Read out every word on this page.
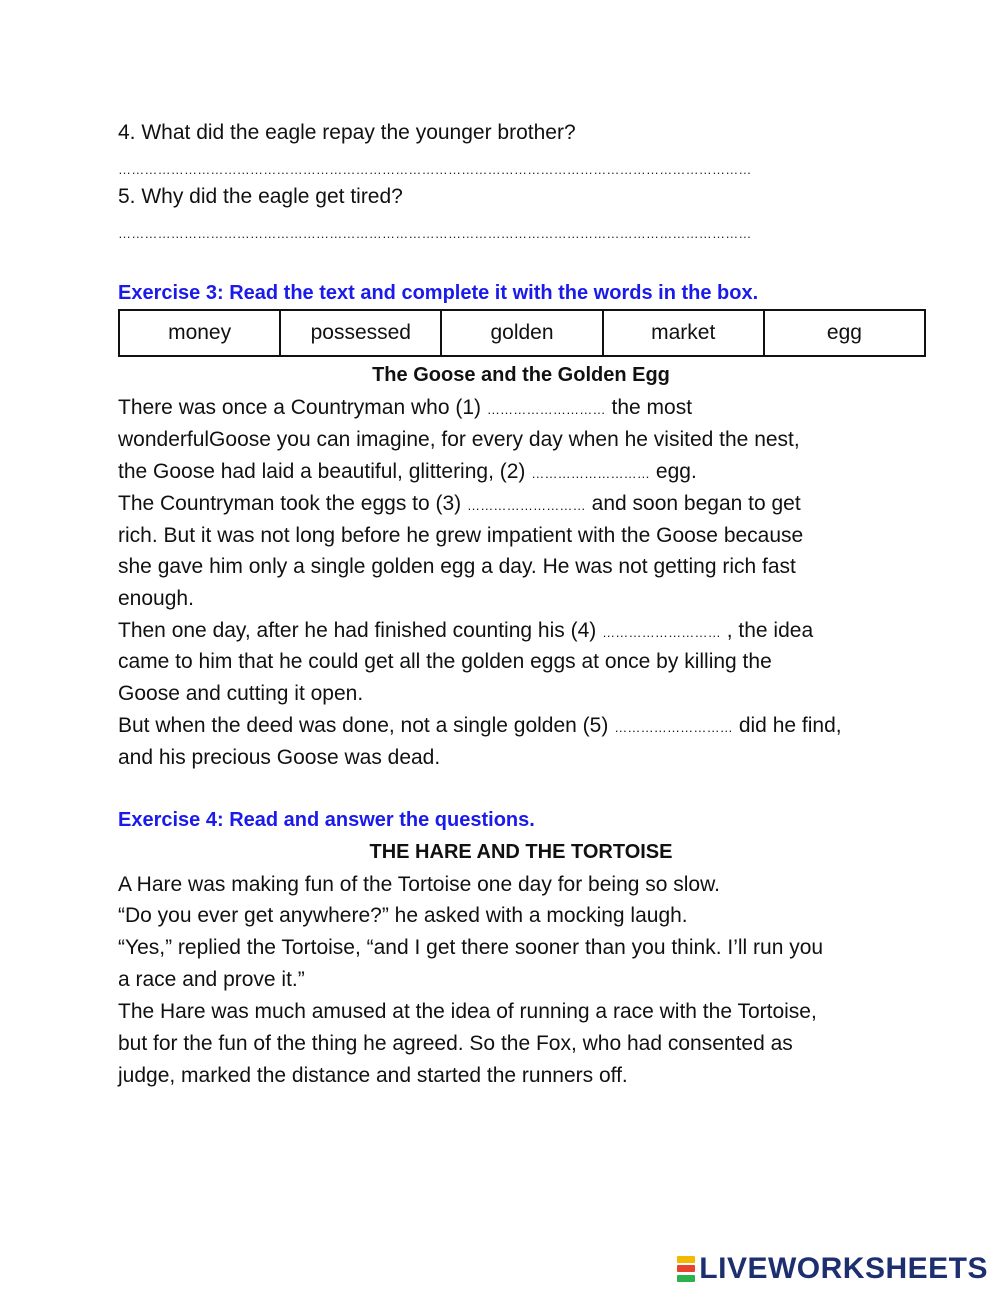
4. What did the eagle repay the younger brother?
………………………………………………………………………………………………………………………………
5. Why did the eagle get tired?
………………………………………………………………………………………………………………………………
Exercise 3: Read the text and complete it with the words in the box.
money	possessed	golden	market	egg
The Goose and the Golden Egg
There was once a Countryman who (1) ……………………… the most
wonderfulGoose you can imagine, for every day when he visited the nest,
the Goose had laid a beautiful, glittering, (2) ……………………… egg.
The Countryman took the eggs to (3) ……………………… and soon began to get
rich. But it was not long before he grew impatient with the Goose because
she gave him only a single golden egg a day. He was not getting rich fast
enough.
Then one day, after he had finished counting his (4) ……………………… , the idea
came to him that he could get all the golden eggs at once by killing the
Goose and cutting it open.
But when the deed was done, not a single golden (5) ……………………… did he find,
and his precious Goose was dead.
Exercise 4: Read and answer the questions.
THE HARE AND THE TORTOISE
A Hare was making fun of the Tortoise one day for being so slow.
“Do you ever get anywhere?” he asked with a mocking laugh.
“Yes,” replied the Tortoise, “and I get there sooner than you think. I’ll run you
a race and prove it.”
The Hare was much amused at the idea of running a race with the Tortoise,
but for the fun of the thing he agreed. So the Fox, who had consented as
judge, marked the distance and started the runners off.
LIVEWORKSHEETS
